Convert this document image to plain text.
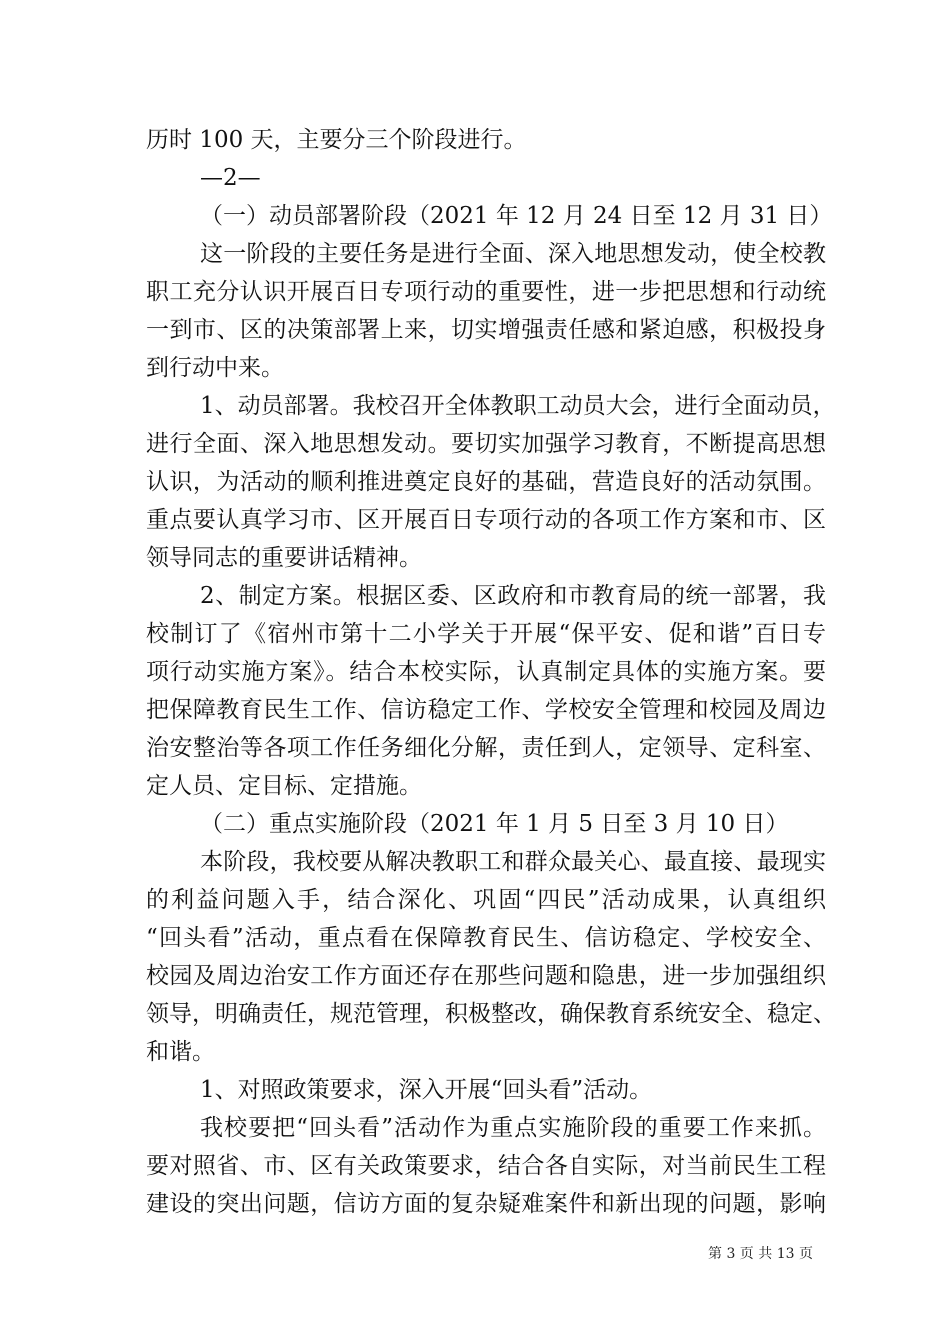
历时 100 天，主要分三个阶段进行。
—2—
（一）动员部署阶段（2021 年 12 月 24 日至 12 月 31 日）
这一阶段的主要任务是进行全面、深入地思想发动，使全校教
职工充分认识开展百日专项行动的重要性，进一步把思想和行动统
一到市、区的决策部署上来，切实增强责任感和紧迫感，积极投身
到行动中来。
1、动员部署。我校召开全体教职工动员大会，进行全面动员，
进行全面、深入地思想发动。要切实加强学习教育，不断提高思想
认识，为活动的顺利推进奠定良好的基础，营造良好的活动氛围。
重点要认真学习市、区开展百日专项行动的各项工作方案和市、区
领导同志的重要讲话精神。
2、制定方案。根据区委、区政府和市教育局的统一部署，我
校制订了《宿州市第十二小学关于开展“保平安、促和谐”百日专
项行动实施方案》。结合本校实际，认真制定具体的实施方案。要
把保障教育民生工作、信访稳定工作、学校安全管理和校园及周边
治安整治等各项工作任务细化分解，责任到人，定领导、定科室、
定人员、定目标、定措施。
（二）重点实施阶段（2021 年 1 月 5 日至 3 月 10 日）
本阶段，我校要从解决教职工和群众最关心、最直接、最现实
的利益问题入手，结合深化、巩固“四民”活动成果，认真组织
“回头看”活动，重点看在保障教育民生、信访稳定、学校安全、
校园及周边治安工作方面还存在那些问题和隐患，进一步加强组织
领导，明确责任，规范管理，积极整改，确保教育系统安全、稳定、
和谐。
1、对照政策要求，深入开展“回头看”活动。
我校要把“回头看”活动作为重点实施阶段的重要工作来抓。
要对照省、市、区有关政策要求，结合各自实际，对当前民生工程
建设的突出问题，信访方面的复杂疑难案件和新出现的问题，影响
第 3 页 共 13 页
